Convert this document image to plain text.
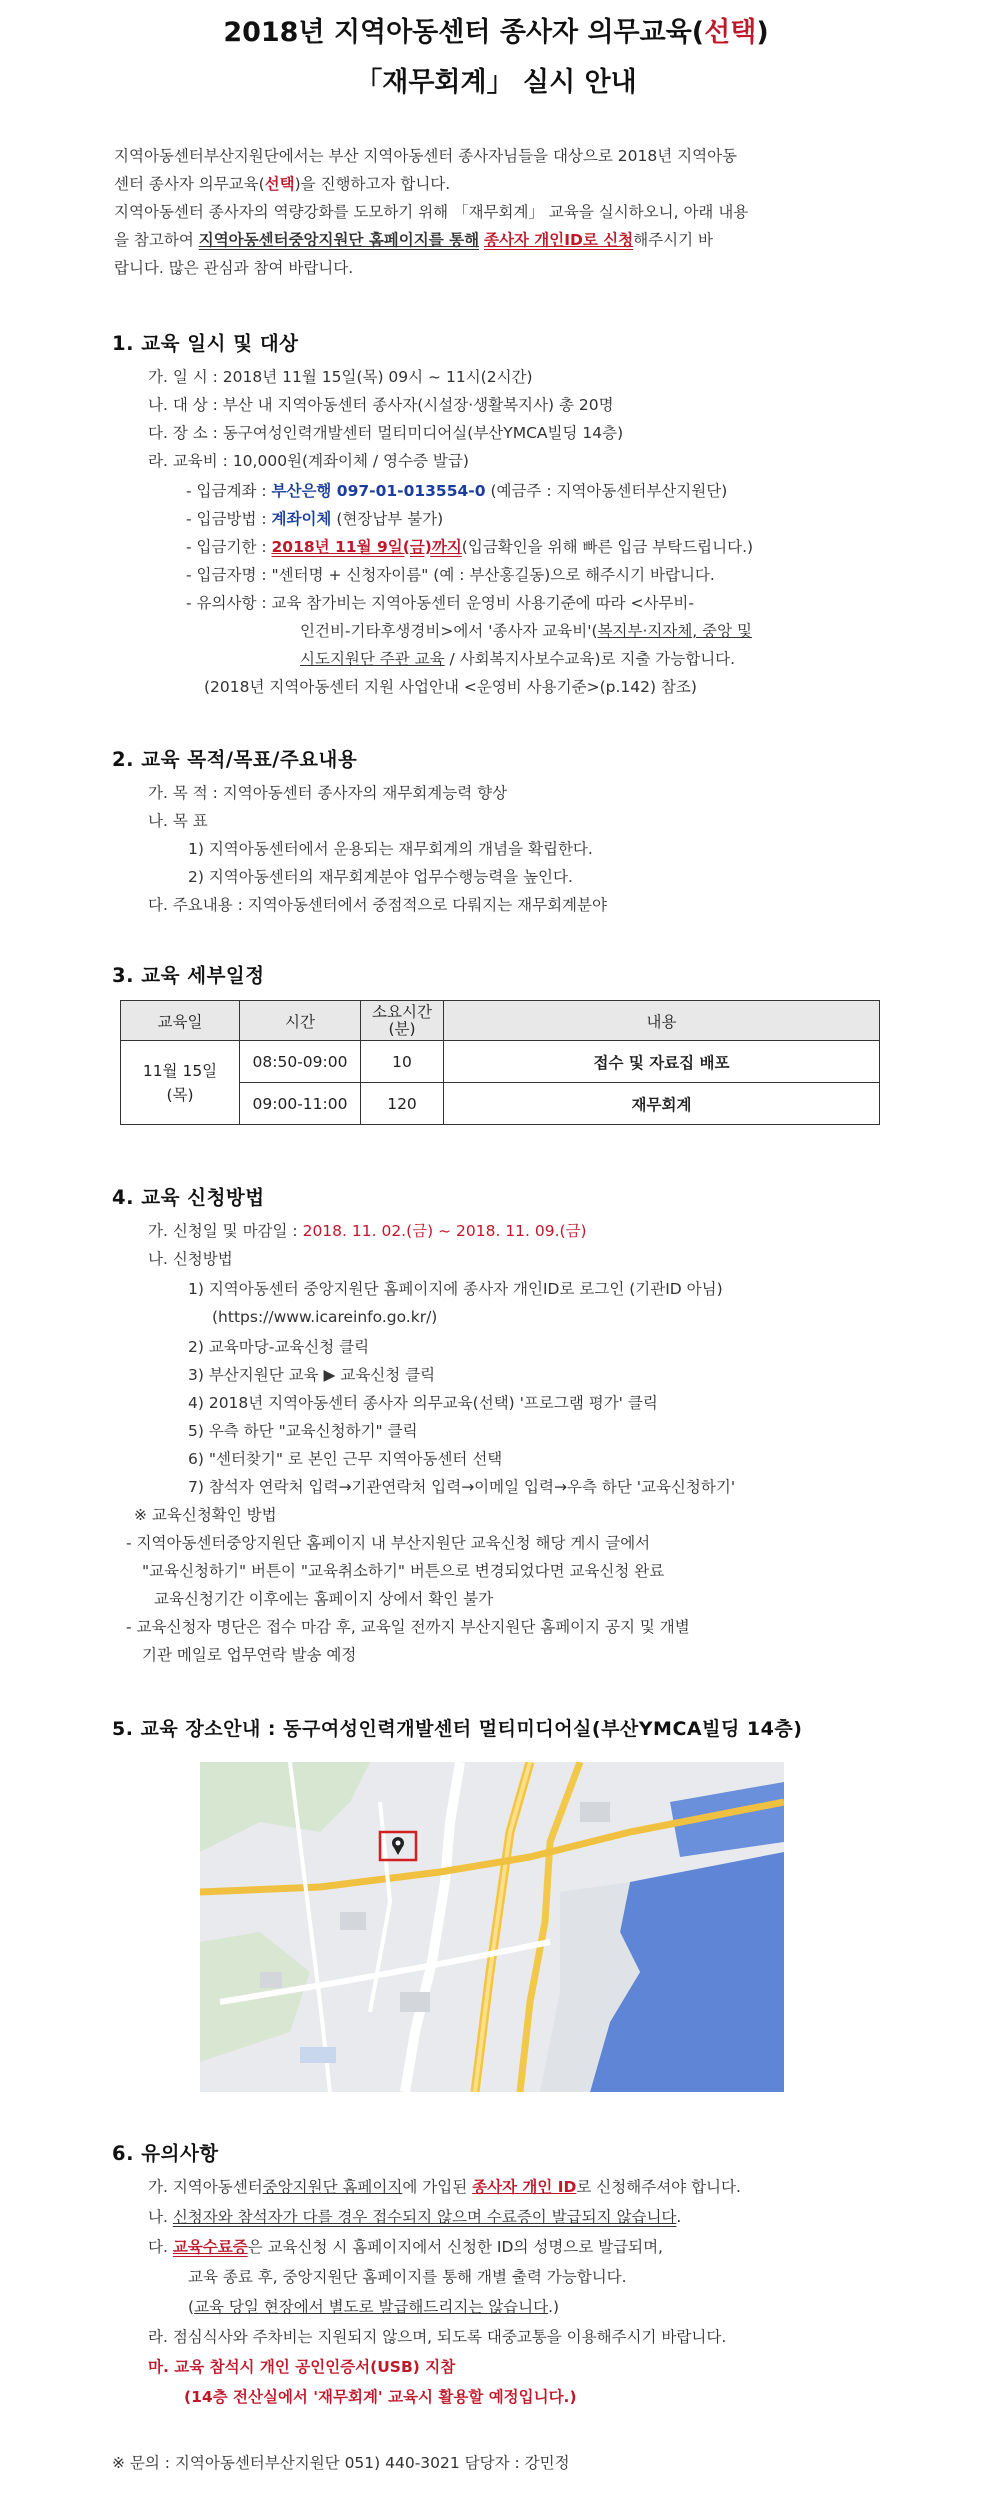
2018년 지역아동센터 종사자 의무교육(선택)
「재무회계」 실시 안내
지역아동센터부산지원단에서는 부산 지역아동센터 종사자님들을 대상으로 2018년 지역아동
센터 종사자 의무교육(선택)을 진행하고자 합니다.
지역아동센터 종사자의 역량강화를 도모하기 위해 「재무회계」 교육을 실시하오니, 아래 내용
을 참고하여 지역아동센터중앙지원단 홈페이지를 통해 종사자 개인ID로 신청해주시기 바
랍니다. 많은 관심과 참여 바랍니다.
1. 교육 일시 및 대상
가. 일 시 : 2018년 11월 15일(목) 09시 ~ 11시(2시간)
나. 대 상 : 부산 내 지역아동센터 종사자(시설장·생활복지사) 총 20명
다. 장 소 : 동구여성인력개발센터 멀티미디어실(부산YMCA빌딩 14층)
라. 교육비 : 10,000원(계좌이체 / 영수증 발급)
- 입금계좌 : 부산은행 097-01-013554-0 (예금주 : 지역아동센터부산지원단)
- 입금방법 : 계좌이체 (현장납부 불가)
- 입금기한 : 2018년 11월 9일(금)까지(입금확인을 위해 빠른 입금 부탁드립니다.)
- 입금자명 : "센터명 + 신청자이름" (예 : 부산홍길동)으로 해주시기 바랍니다.
- 유의사항 : 교육 참가비는 지역아동센터 운영비 사용기준에 따라 <사무비-
인건비-기타후생경비>에서 '종사자 교육비'(복지부·지자체, 중앙 및
시도지원단 주관 교육 / 사회복지사보수교육)로 지출 가능합니다.
(2018년 지역아동센터 지원 사업안내 <운영비 사용기준>(p.142) 참조)
2. 교육 목적/목표/주요내용
가. 목 적 : 지역아동센터 종사자의 재무회계능력 향상
나. 목 표
1) 지역아동센터에서 운용되는 재무회계의 개념을 확립한다.
2) 지역아동센터의 재무회계분야 업무수행능력을 높인다.
다. 주요내용 : 지역아동센터에서 중점적으로 다뤄지는 재무회계분야
3. 교육 세부일정
교육일	시간	소요시간
(분)	내용
11월 15일
(목)	08:50-09:00	10	접수 및 자료집 배포
	09:00-11:00	120	재무회계
4. 교육 신청방법
가. 신청일 및 마감일 : 2018. 11. 02.(금) ~ 2018. 11. 09.(금)
나. 신청방법
1) 지역아동센터 중앙지원단 홈페이지에 종사자 개인ID로 로그인 (기관ID 아님)
(https://www.icareinfo.go.kr/)
2) 교육마당-교육신청 클릭
3) 부산지원단 교육 ▶ 교육신청 클릭
4) 2018년 지역아동센터 종사자 의무교육(선택) '프로그램 평가' 클릭
5) 우측 하단 "교육신청하기" 클릭
6) "센터찾기" 로 본인 근무 지역아동센터 선택
7) 참석자 연락처 입력→기관연락처 입력→이메일 입력→우측 하단 '교육신청하기'
※ 교육신청확인 방법
- 지역아동센터중앙지원단 홈페이지 내 부산지원단 교육신청 해당 게시 글에서
"교육신청하기" 버튼이 "교육취소하기" 버튼으로 변경되었다면 교육신청 완료
교육신청기간 이후에는 홈페이지 상에서 확인 불가
- 교육신청자 명단은 접수 마감 후, 교육일 전까지 부산지원단 홈페이지 공지 및 개별
기관 메일로 업무연락 발송 예정
5. 교육 장소안내 : 동구여성인력개발센터 멀티미디어실(부산YMCA빌딩 14층)
6. 유의사항
가. 지역아동센터중앙지원단 홈페이지에 가입된 종사자 개인 ID로 신청해주셔야 합니다.
나. 신청자와 참석자가 다를 경우 접수되지 않으며 수료증이 발급되지 않습니다.
다. 교육수료증은 교육신청 시 홈페이지에서 신청한 ID의 성명으로 발급되며,
교육 종료 후, 중앙지원단 홈페이지를 통해 개별 출력 가능합니다.
(교육 당일 현장에서 별도로 발급해드리지는 않습니다.)
라. 점심식사와 주차비는 지원되지 않으며, 되도록 대중교통을 이용해주시기 바랍니다.
마. 교육 참석시 개인 공인인증서(USB) 지참
(14층 전산실에서 '재무회계' 교육시 활용할 예정입니다.)
※ 문의 : 지역아동센터부산지원단 051) 440-3021 담당자 : 강민정
